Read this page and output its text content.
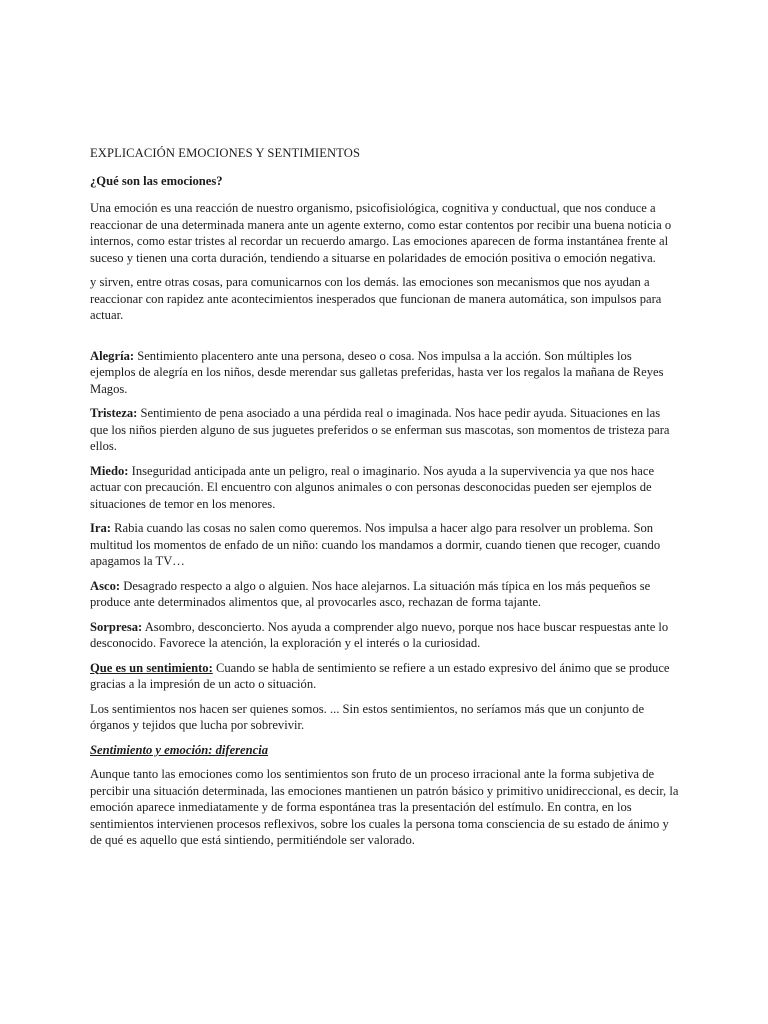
EXPLICACIÓN EMOCIONES Y SENTIMIENTOS

¿Qué son las emociones?

Una emoción es una reacción de nuestro organismo, psicofisiológica, cognitiva y conductual, que nos conduce a reaccionar de una determinada manera ante un agente externo, como estar contentos por recibir una buena noticia o internos, como estar tristes al recordar un recuerdo amargo. Las emociones aparecen de forma instantánea frente al suceso y tienen una corta duración, tendiendo a situarse en polaridades de emoción positiva o emoción negativa.

y sirven, entre otras cosas, para comunicarnos con los demás. las emociones son mecanismos que nos ayudan a reaccionar con rapidez ante acontecimientos inesperados que funcionan de manera automática, son impulsos para actuar.

Alegría: Sentimiento placentero ante una persona, deseo o cosa. Nos impulsa a la acción. Son múltiples los ejemplos de alegría en los niños, desde merendar sus galletas preferidas, hasta ver los regalos la mañana de Reyes Magos.

Tristeza: Sentimiento de pena asociado a una pérdida real o imaginada. Nos hace pedir ayuda. Situaciones en las que los niños pierden alguno de sus juguetes preferidos o se enferman sus mascotas, son momentos de tristeza para ellos.

Miedo: Inseguridad anticipada ante un peligro, real o imaginario. Nos ayuda a la supervivencia ya que nos hace actuar con precaución. El encuentro con algunos animales o con personas desconocidas pueden ser ejemplos de situaciones de temor en los menores.

Ira: Rabia cuando las cosas no salen como queremos. Nos impulsa a hacer algo para resolver un problema. Son multitud los momentos de enfado de un niño: cuando los mandamos a dormir, cuando tienen que recoger, cuando apagamos la TV…

Asco: Desagrado respecto a algo o alguien. Nos hace alejarnos. La situación más típica en los más pequeños se produce ante determinados alimentos que, al provocarles asco, rechazan de forma tajante.

Sorpresa: Asombro, desconcierto. Nos ayuda a comprender algo nuevo, porque nos hace buscar respuestas ante lo desconocido. Favorece la atención, la exploración y el interés o la curiosidad.

Que es un sentimiento: Cuando se habla de sentimiento se refiere a un estado expresivo del ánimo que se produce gracias a la impresión de un acto o situación.

Los sentimientos nos hacen ser quienes somos. ... Sin estos sentimientos, no seríamos más que un conjunto de órganos y tejidos que lucha por sobrevivir.

Sentimiento y emoción: diferencia

Aunque tanto las emociones como los sentimientos son fruto de un proceso irracional ante la forma subjetiva de percibir una situación determinada, las emociones mantienen un patrón básico y primitivo unidireccional, es decir, la emoción aparece inmediatamente y de forma espontánea tras la presentación del estímulo. En contra, en los sentimientos intervienen procesos reflexivos, sobre los cuales la persona toma consciencia de su estado de ánimo y de qué es aquello que está sintiendo, permitiéndole ser valorado.
